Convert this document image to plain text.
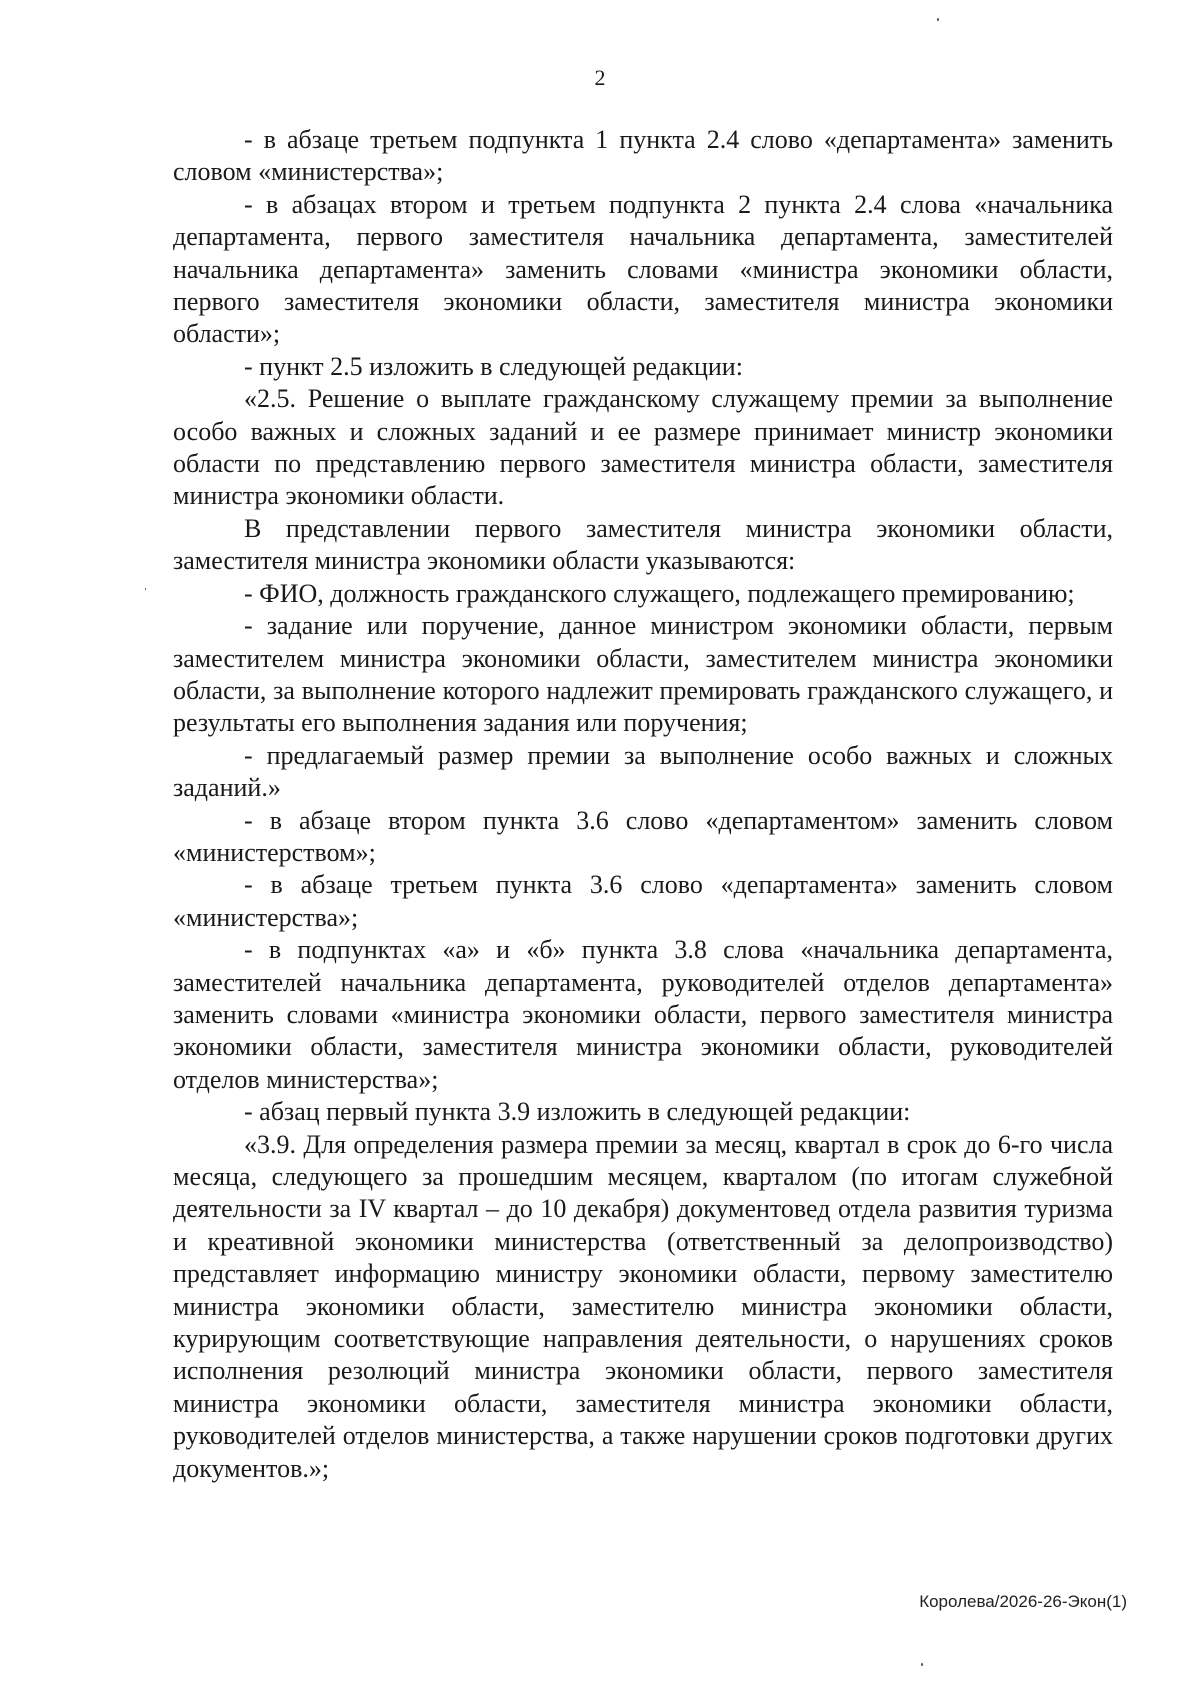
2

- в абзаце третьем подпункта 1 пункта 2.4 слово «департамента» заменить словом «министерства»;

- в абзацах втором и третьем подпункта 2 пункта 2.4 слова «начальника департамента, первого заместителя начальника департамента, заместителей начальника департамента» заменить словами «министра экономики области, первого заместителя экономики области, заместителя министра экономики области»;

- пункт 2.5 изложить в следующей редакции:

«2.5. Решение о выплате гражданскому служащему премии за выполнение особо важных и сложных заданий и ее размере принимает министр экономики области по представлению первого заместителя министра области, заместителя министра экономики области.

В представлении первого заместителя министра экономики области, заместителя министра экономики области указываются:

- ФИО, должность гражданского служащего, подлежащего премированию;

- задание или поручение, данное министром экономики области, первым заместителем министра экономики области, заместителем министра экономики области, за выполнение которого надлежит премировать гражданского служащего, и результаты его выполнения задания или поручения;

- предлагаемый размер премии за выполнение особо важных и сложных заданий.»

- в абзаце втором пункта 3.6 слово «департаментом» заменить словом «министерством»;

- в абзаце третьем пункта 3.6 слово «департамента» заменить словом «министерства»;

- в подпунктах «а» и «б» пункта 3.8 слова «начальника департамента, заместителей начальника департамента, руководителей отделов департамента» заменить словами «министра экономики области, первого заместителя министра экономики области, заместителя министра экономики области, руководителей отделов министерства»;

- абзац первый пункта 3.9 изложить в следующей редакции:

«3.9. Для определения размера премии за месяц, квартал в срок до 6-го числа месяца, следующего за прошедшим месяцем, кварталом (по итогам служебной деятельности за IV квартал – до 10 декабря) документовед отдела развития туризма и креативной экономики министерства (ответственный за делопроизводство) представляет информацию министру экономики области, первому заместителю министра экономики области, заместителю министра экономики области, курирующим соответствующие направления деятельности, о нарушениях сроков исполнения резолюций министра экономики области, первого заместителя министра экономики области, заместителя министра экономики области, руководителей отделов министерства, а также нарушении сроков подготовки других документов.»;

Королева/2026-26-Экон(1)
